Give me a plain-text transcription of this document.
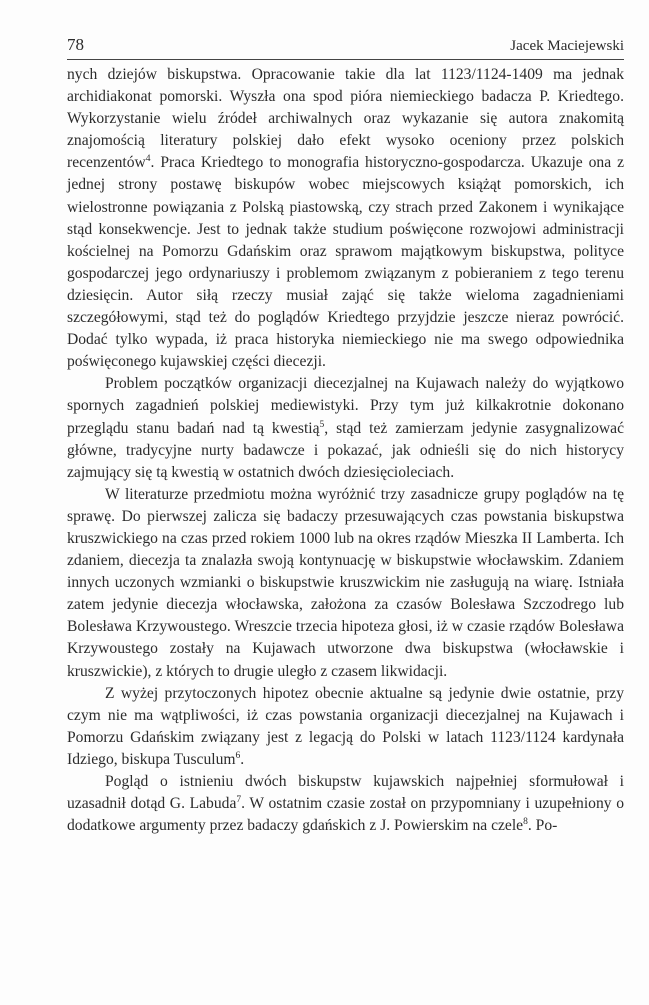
78	Jacek Maciejewski

nych dziejów biskupstwa. Opracowanie takie dla lat 1123/1124-1409 ma jednak archidiakonat pomorski. Wyszła ona spod pióra niemieckiego badacza P. Kriedtego. Wykorzystanie wielu źródeł archiwalnych oraz wykazanie się autora znakomitą znajomością literatury polskiej dało efekt wysoko oceniony przez polskich recenzentów$^4$. Praca Kriedtego to monografia historyczno-gospodarcza. Ukazuje ona z jednej strony postawę biskupów wobec miejscowych książąt pomorskich, ich wielostronne powiązania z Polską piastowską, czy strach przed Zakonem i wynikające stąd konsekwencje. Jest to jednak także studium poświęcone rozwojowi administracji kościelnej na Pomorzu Gdańskim oraz sprawom majątkowym biskupstwa, polityce gospodarczej jego ordynariuszy i problemom związanym z pobieraniem z tego terenu dziesięcin. Autor siłą rzeczy musiał zająć się także wieloma zagadnieniami szczegółowymi, stąd też do poglądów Kriedtego przyjdzie jeszcze nieraz powrócić. Dodać tylko wypada, iż praca historyka niemieckiego nie ma swego odpowiednika poświęconego kujawskiej części diecezji.

Problem początków organizacji diecezjalnej na Kujawach należy do wyjątkowo spornych zagadnień polskiej mediewistyki. Przy tym już kilkakrotnie dokonano przeglądu stanu badań nad tą kwestią$^5$, stąd też zamierzam jedynie zasygnalizować główne, tradycyjne nurty badawcze i pokazać, jak odnieśli się do nich historycy zajmujący się tą kwestią w ostatnich dwóch dziesięcioleciach.

W literaturze przedmiotu można wyróżnić trzy zasadnicze grupy poglądów na tę sprawę. Do pierwszej zalicza się badaczy przesuwających czas powstania biskupstwa kruszwickiego na czas przed rokiem 1000 lub na okres rządów Mieszka II Lamberta. Ich zdaniem, diecezja ta znalazła swoją kontynuację w biskupstwie włocławskim. Zdaniem innych uczonych wzmianki o biskupstwie kruszwickim nie zasługują na wiarę. Istniała zatem jedynie diecezja włocławska, założona za czasów Bolesława Szczodrego lub Bolesława Krzywoustego. Wreszcie trzecia hipoteza głosi, iż w czasie rządów Bolesława Krzywoustego zostały na Kujawach utworzone dwa biskupstwa (włocławskie i kruszwickie), z których to drugie uległo z czasem likwidacji.

Z wyżej przytoczonych hipotez obecnie aktualne są jedynie dwie ostatnie, przy czym nie ma wątpliwości, iż czas powstania organizacji diecezjalnej na Kujawach i Pomorzu Gdańskim związany jest z legacją do Polski w latach 1123/1124 kardynała Idziego, biskupa Tusculum$^6$.

Pogląd o istnieniu dwóch biskupstw kujawskich najpełniej sformułował i uzasadnił dotąd G. Labuda$^7$. W ostatnim czasie został on przypomniany i uzupełniony o dodatkowe argumenty przez badaczy gdańskich z J. Powierskim na czele$^8$. Po-
